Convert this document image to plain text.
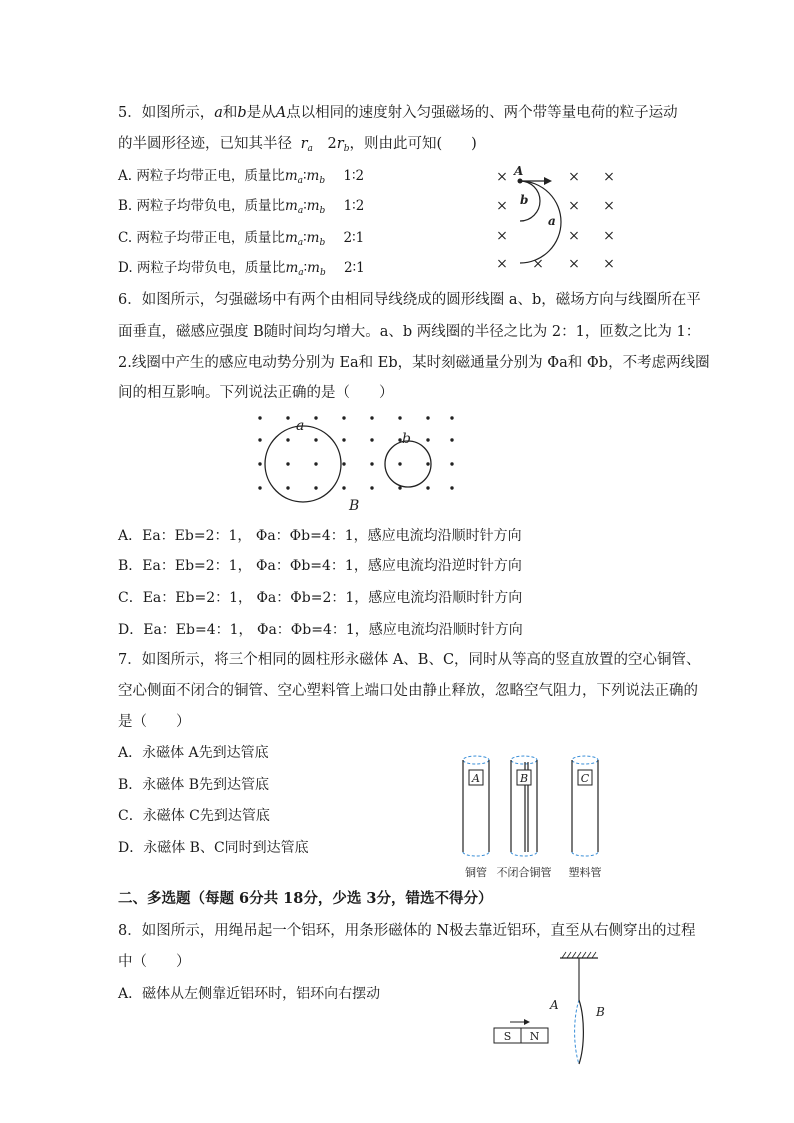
5．如图所示，a和b是从A点以相同的速度射入匀强磁场的、两个带等量电荷的粒子运动
的半圆形径迹，已知其半径 $r_a$ $2r_b$，则由此可知(　　)
A. 两粒子均带正电，质量比$m_a∶m_b$ 1∶2
B. 两粒子均带负电，质量比$m_a∶m_b$ 1∶2
C. 两粒子均带正电，质量比$m_a∶m_b$ 2∶1
D. 两粒子均带负电，质量比$m_a∶m_b$ 2∶1
× ×
×
×	× ×
×	× ×
× × × ×
A
b
a
6．如图所示，匀强磁场中有两个由相同导线绕成的圆形线圈 a、b，磁场方向与线圈所在平
面垂直，磁感应强度 B随时间均匀增大。a、b 两线圈的半径之比为 2：1，匝数之比为 1：
2.线圈中产生的感应电动势分别为 Ea和 Eb，某时刻磁通量分别为 Φa和 Φb，不考虑两线圈
间的相互影响。下列说法正确的是（　　）
a
b
B
A．Ea：Eb=2：1， Φa：Φb=4：1，感应电流均沿顺时针方向
B．Ea：Eb=2：1， Φa：Φb=4：1，感应电流均沿逆时针方向
C．Ea：Eb=2：1， Φa：Φb=2：1，感应电流均沿顺时针方向
D．Ea：Eb=4：1， Φa：Φb=4：1，感应电流均沿顺时针方向
7．如图所示，将三个相同的圆柱形永磁体 A、B、C，同时从等高的竖直放置的空心铜管、
空心侧面不闭合的铜管、空心塑料管上端口处由静止释放，忽略空气阻力，下列说法正确的
是（　　）
A．永磁体 A先到达管底
B．永磁体 B先到达管底
C．永磁体 C先到达管底
D．永磁体 B、C同时到达管底
A	B	C
铜管 不闭合铜管 塑料管
二、多选题（每题 6分共 18分，少选 3分，错选不得分）
8．如图所示，用绳吊起一个铝环，用条形磁体的 N极去靠近铝环，直至从右侧穿出的过程
中（　　）
A．磁体从左侧靠近铝环时，铝环向右摆动
A	B
S N
